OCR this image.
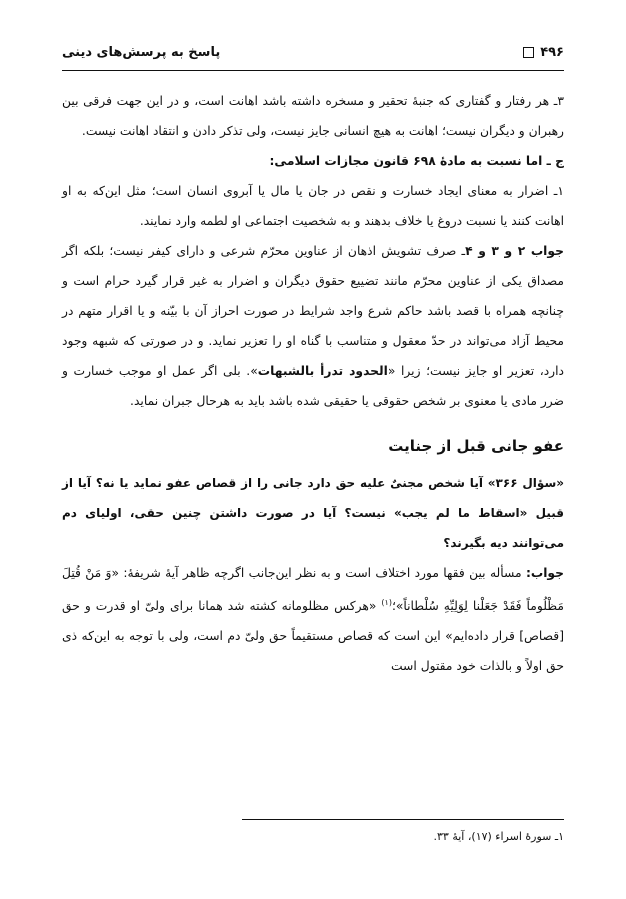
۴۹۶
پاسخ به پرسش‌های دینی

۳ـ هر رفتار و گفتاری که جنبهٔ تحقیر و مسخره داشته باشد اهانت است، و در این جهت فرقی بین رهبران و دیگران نیست؛ اهانت به هیچ انسانی جایز نیست، ولی تذکر دادن و انتقاد اهانت نیست.

ج ـ اما نسبت به مادهٔ ۶۹۸ قانون مجازات اسلامی:

۱ـ اضرار به معنای ایجاد خسارت و نقص در جان یا مال یا آبروی انسان است؛ مثل این‌که به او اهانت کنند یا نسبت دروغ یا خلاف بدهند و به شخصیت اجتماعی او لطمه وارد نمایند.

جواب ۲ و ۳ و ۴ـ صرف تشویش اذهان از عناوین محرّم شرعی و دارای کیفر نیست؛ بلکه اگر مصداق یکی از عناوین محرّم مانند تضییع حقوق دیگران و اضرار به غیر قرار گیرد حرام است و چنانچه همراه با قصد باشد حاکم شرع واجد شرایط در صورت احراز آن با بیّنه و یا اقرار متهم در محیط آزاد می‌تواند در حدّ معقول و متناسب با گناه او را تعزیر نماید. و در صورتی که شبهه وجود دارد، تعزیر او جایز نیست؛ زیرا «الحدود تدرأ بالشبهات». بلی اگر عمل او موجب خسارت و ضرر مادی یا معنوی بر شخص حقوقی یا حقیقی شده باشد باید به هرحال جبران نماید.

عفو جانی قبل از جنایت

«سؤال ۳۶۶» آیا شخص مجنیٌ علیه حق دارد جانی را از قصاص عفو نماید یا نه؟ آیا از قبیل «اسقاط ما لم یجب» نیست؟ آیا در صورت داشتن چنین حقی، اولیای دم می‌توانند دیه بگیرند؟

جواب: مسأله بین فقها مورد اختلاف است و به نظر این‌جانب اگرچه ظاهر آیهٔ شریفهٔ: «وَ مَنْ قُتِلَ مَظْلُوماً فَقَدْ جَعَلْنا لِوَلِيِّهِ سُلْطاناً»؛$^{(۱)}$ «هرکس مظلومانه کشته شد همانا برای ولیّ او قدرت و حق [قصاص] قرار داده‌ایم» این است که قصاص مستقیماً حق ولیّ دم است، ولی با توجه به این‌که ذی حق اولاً و بالذات خود مقتول است

۱ـ سورهٔ اسراء (۱۷)، آیهٔ ۳۳.
